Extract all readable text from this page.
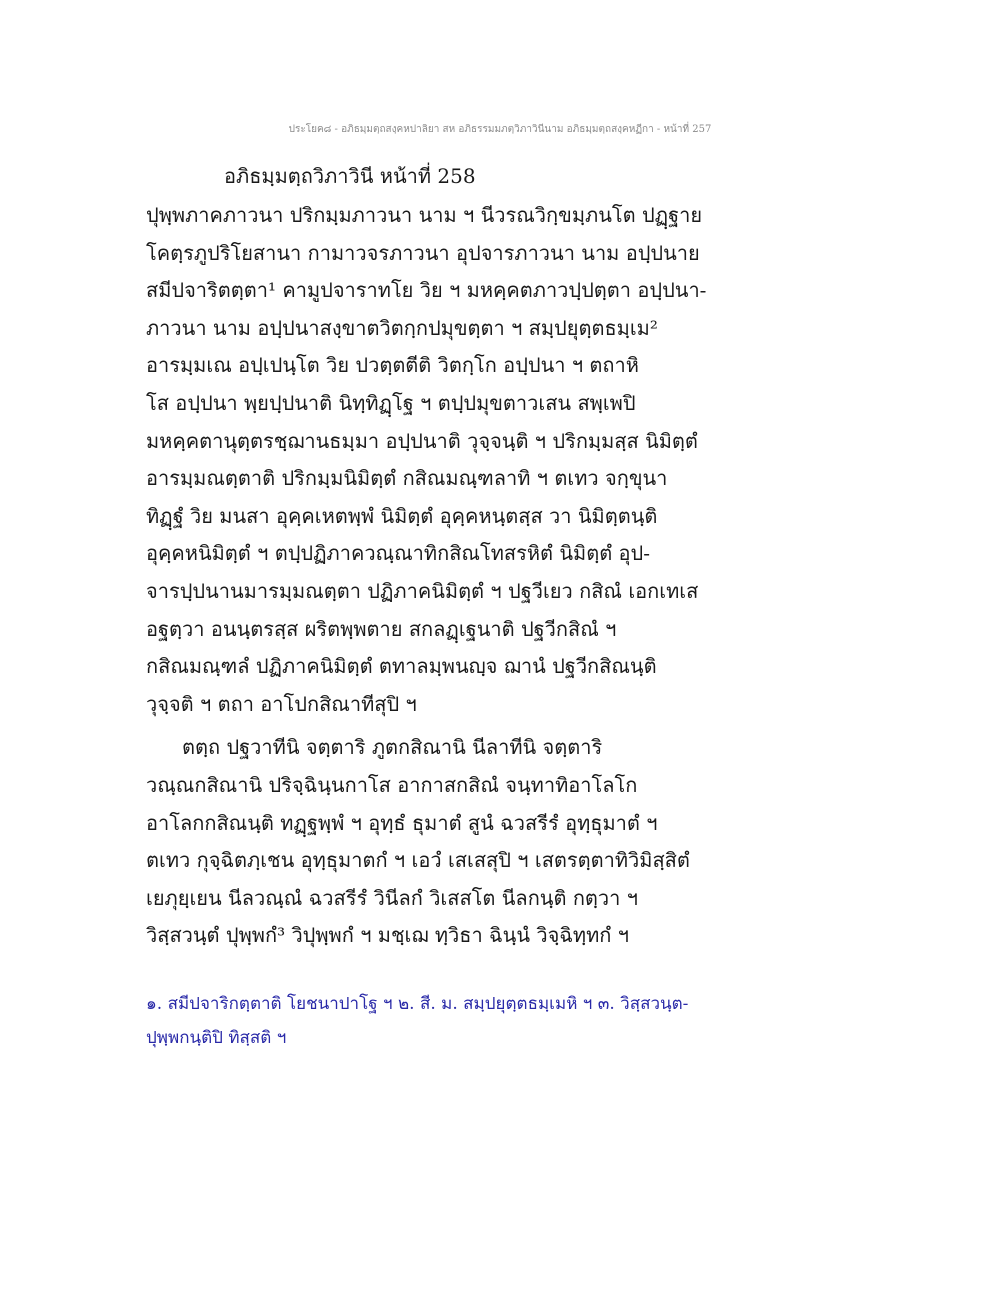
ประโยค๘ - อภิธมฺมตฺถสงฺคหปาลิยา สห อภิธรรมมภตฺวิภาวินีนาม อภิธมฺมตฺถสงฺคหฏีกา - หน้าที่ 257
อภิธมฺมตฺถวิภาวินี หน้าที่ 258
ปุพฺพภาคภาวนา ปริกมฺมภาวนา นาม ฯ นีวรณวิกฺขมฺภนโต ปฏฺฐาย
โคตฺรภูปริโยสานา กามาวจรภาวนา อุปจารภาวนา นาม อปฺปนาย
สมีปจาริตตฺตา¹ คามูปจาราทโย วิย ฯ มหคฺคตภาวปฺปตฺตา อปฺปนา-
ภาวนา นาม อปฺปนาสงฺขาตวิตกฺกปมุขตฺตา ฯ สมฺปยุตฺตธมฺเม²
อารมฺมเณ อปฺเปนฺโต วิย ปวตฺตตีติ วิตกฺโก อปฺปนา ฯ ตถาหิ
โส อปฺปนา พฺยปฺปนาติ นิทฺทิฏฺโฐ ฯ ตปฺปมุขตาวเสน สพฺเพปิ
มหคฺคตานุตฺตรชฺฌานธมฺมา อปฺปนาติ วุจฺจนฺติ ฯ ปริกมฺมสฺส นิมิตฺตํ
อารมฺมณตฺตาติ ปริกมฺมนิมิตฺตํ กสิณมณฺฑลาทิ ฯ ตเทว จกฺขุนา
ทิฏฺฐํ วิย มนสา อุคฺคเหตพฺพํ นิมิตฺตํ อุคฺคหนฺตสฺส วา นิมิตฺตนฺติ
อุคฺคหนิมิตฺตํ ฯ ตปฺปฏิภาควณฺณาทิกสิณโทสรหิตํ นิมิตฺตํ อุป-
จารปฺปนานมารมฺมณตฺตา ปฏิภาคนิมิตฺตํ ฯ ปฐวีเยว กสิณํ เอกเทเส
อฐตฺวา อนนฺตรสฺส ผริตพฺพตาย สกลฏฺเฐนาติ ปฐวีกสิณํ ฯ
กสิณมณฺฑลํ ปฏิภาคนิมิตฺตํ ตทาลมฺพนญฺจ ฌานํ ปฐวีกสิณนฺติ
วุจฺจติ ฯ ตถา อาโปกสิณาทีสุปิ ฯ
ตตฺถ ปฐวาทีนิ จตฺตาริ ภูตกสิณานิ นีลาทีนิ จตฺตาริ
วณฺณกสิณานิ ปริจฺฉินฺนกาโส อากาสกสิณํ จนฺทาทิอาโลโก
อาโลกกสิณนฺติ ทฏฺฐพฺพํ ฯ อุทฺธํ ธุมาตํ สูนํ ฉวสรีรํ อุทฺธุมาตํ ฯ
ตเทว กุจฺฉิตภฺเชน อุทฺธุมาตกํ ฯ เอวํ เสเสสุปิ ฯ เสตรตฺตาทิวิมิสฺสิตํ
เยภุยฺเยน นีลวณฺณํ ฉวสรีรํ วินีลกํ วิเสสโต นีลกนฺติ กตฺวา ฯ
วิสฺสวนฺตํ ปุพฺพกํ³ วิปุพฺพกํ ฯ มชฺเฌ ทฺวิธา ฉินฺนํ วิจฺฉิทฺทกํ ฯ
๑. สมีปจาริกตฺตาติ โยชนาปาโฐ ฯ ๒. สี. ม. สมฺปยุตฺตธมฺเมหิ ฯ ๓. วิสฺสวนฺต-
ปุพฺพกนฺติปิ ทิสฺสติ ฯ
